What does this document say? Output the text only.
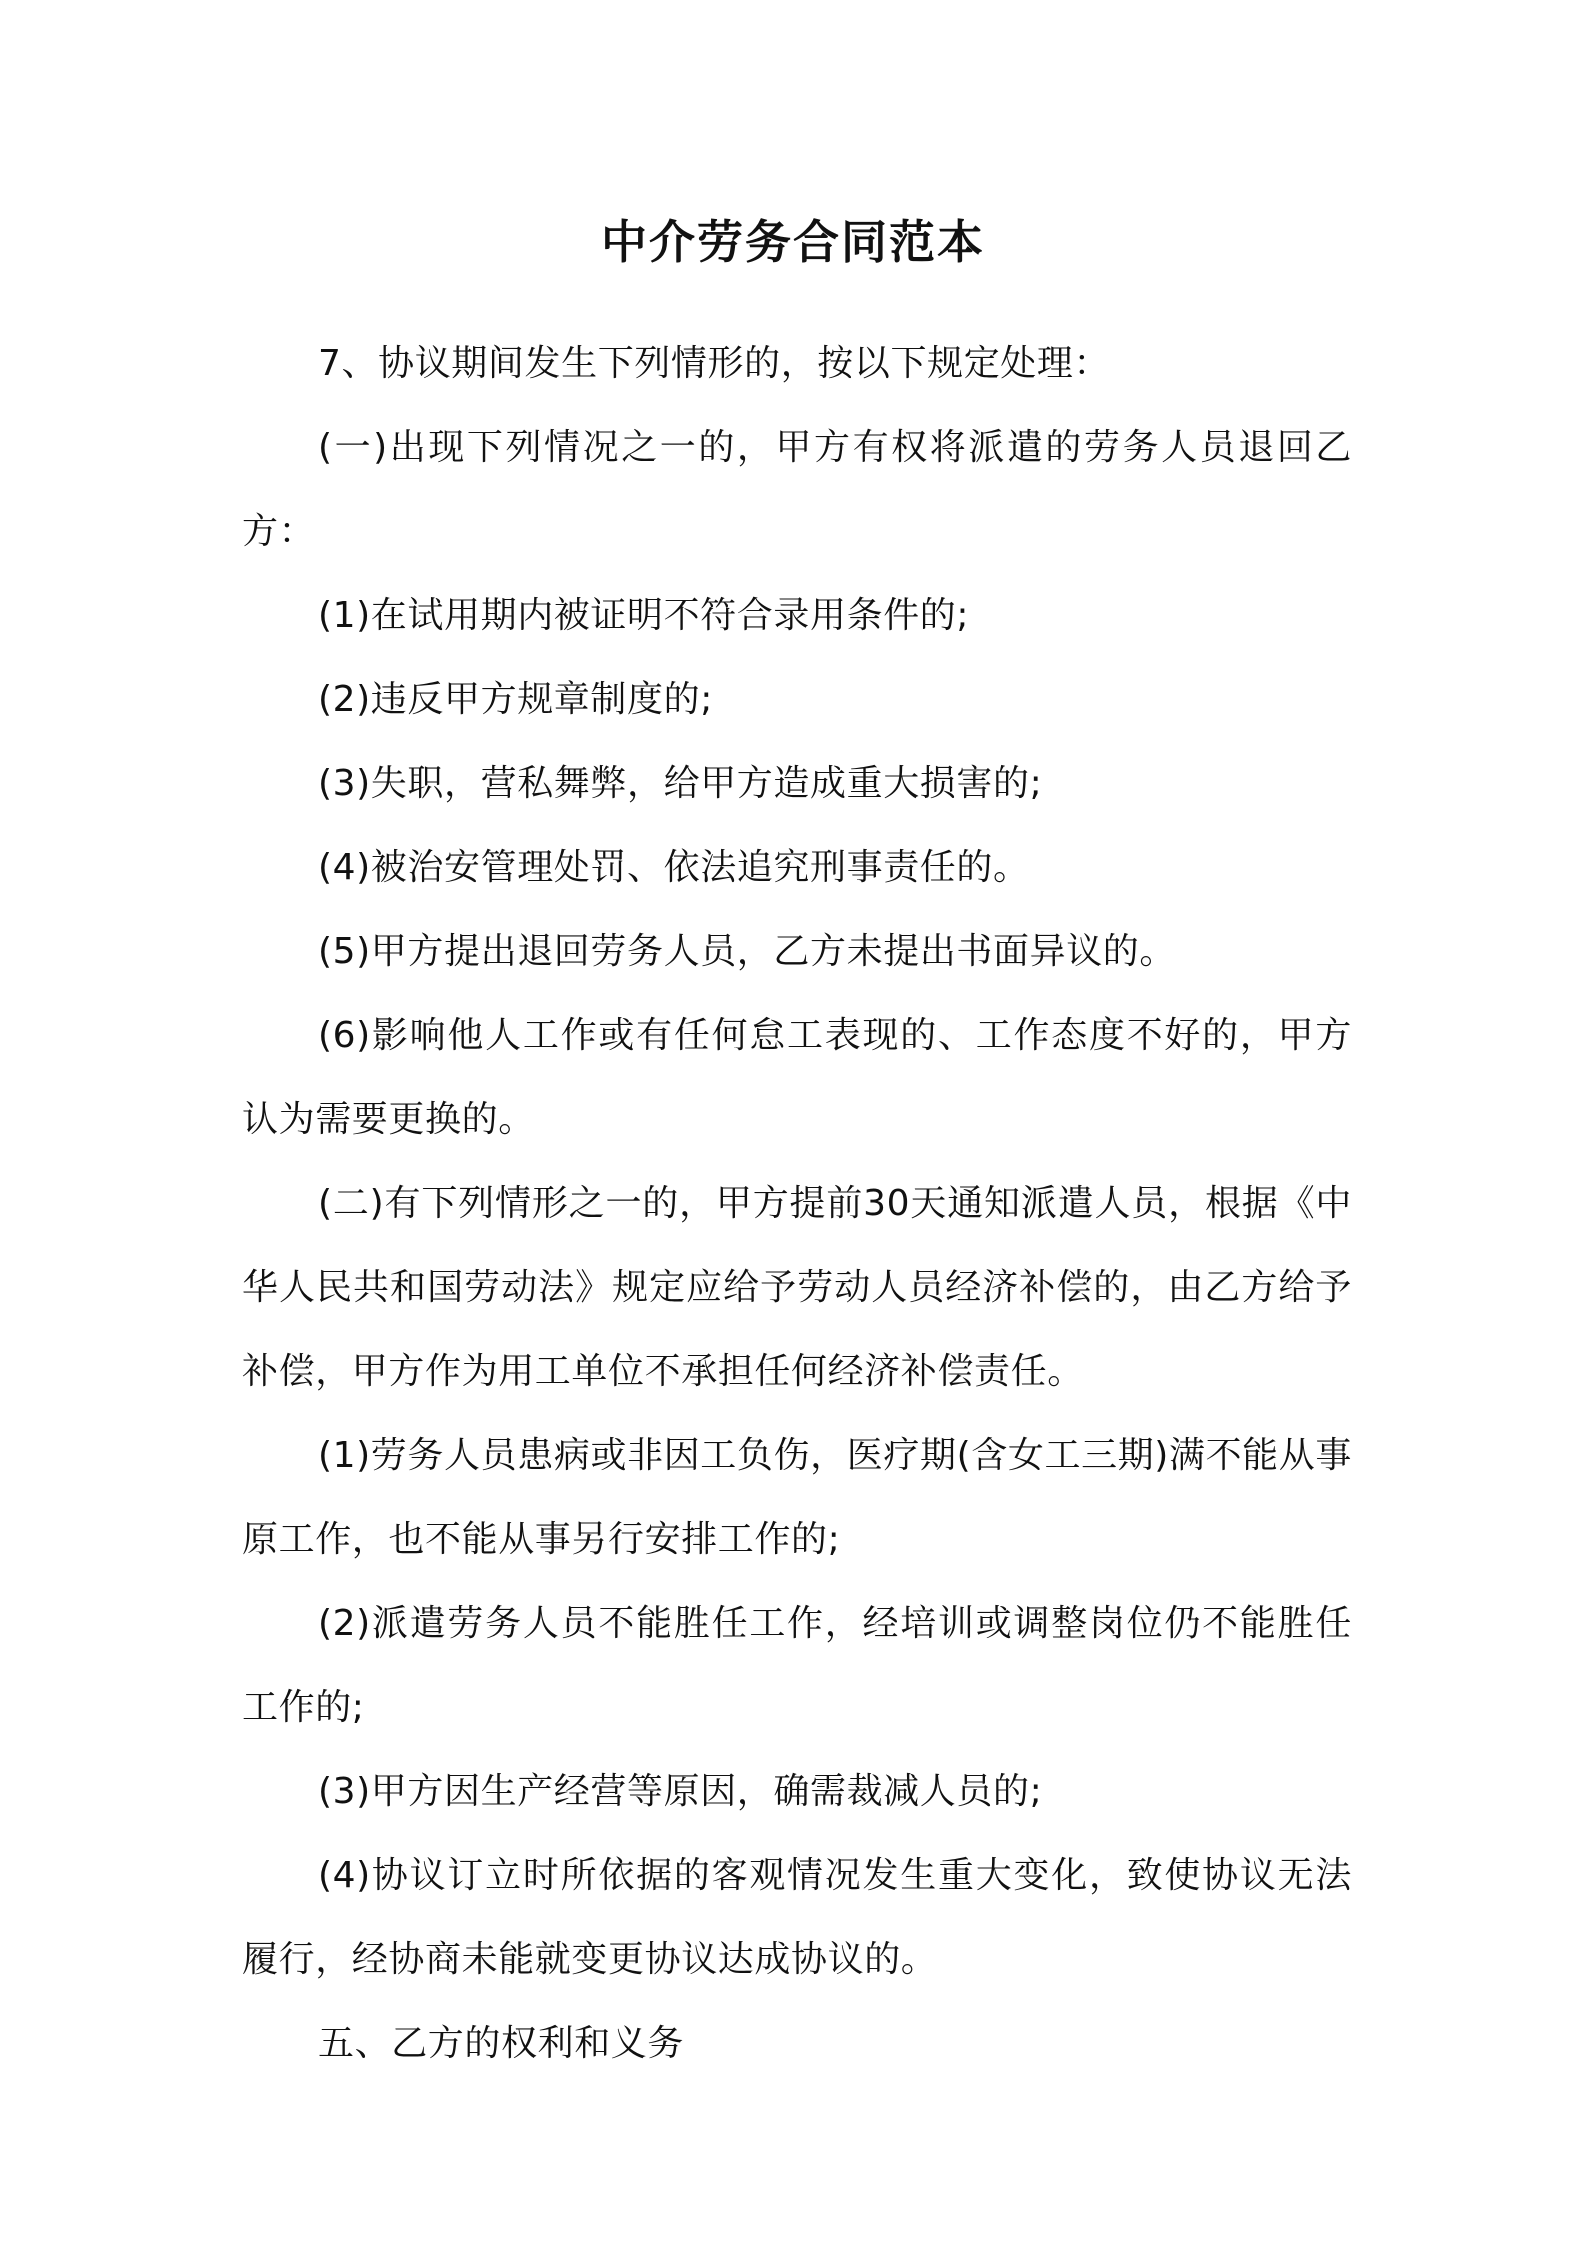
中介劳务合同范本

7、协议期间发生下列情形的，按以下规定处理：

(一)出现下列情况之一的，甲方有权将派遣的劳务人员退回乙方：

(1)在试用期内被证明不符合录用条件的;

(2)违反甲方规章制度的;

(3)失职，营私舞弊，给甲方造成重大损害的;

(4)被治安管理处罚、依法追究刑事责任的。

(5)甲方提出退回劳务人员，乙方未提出书面异议的。

(6)影响他人工作或有任何怠工表现的、工作态度不好的，甲方认为需要更换的。

(二)有下列情形之一的，甲方提前30天通知派遣人员，根据《中华人民共和国劳动法》规定应给予劳动人员经济补偿的，由乙方给予补偿，甲方作为用工单位不承担任何经济补偿责任。

(1)劳务人员患病或非因工负伤，医疗期(含女工三期)满不能从事原工作，也不能从事另行安排工作的;

(2)派遣劳务人员不能胜任工作，经培训或调整岗位仍不能胜任工作的;

(3)甲方因生产经营等原因，确需裁减人员的;

(4)协议订立时所依据的客观情况发生重大变化，致使协议无法履行，经协商未能就变更协议达成协议的。

五、乙方的权利和义务
